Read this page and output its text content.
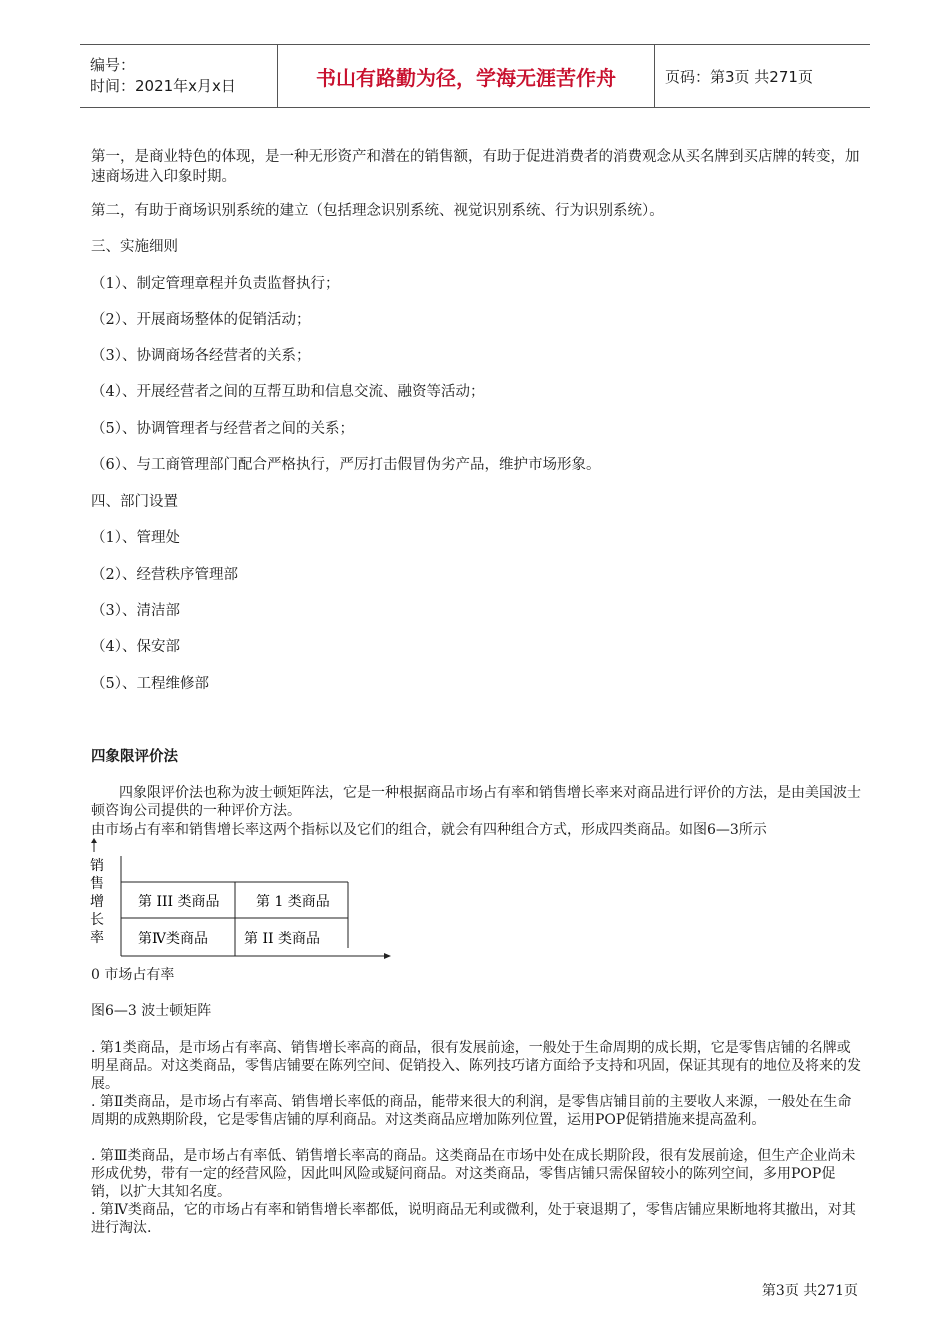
编号：
时间：2021年x月x日	书山有路勤为径，学海无涯苦作舟	页码：第3页 共271页
第一，是商业特色的体现，是一种无形资产和潜在的销售额，有助于促进消费者的消费观念从买名牌到买店牌的转变，加速商场进入印象时期。
第二，有助于商场识别系统的建立（包括理念识别系统、视觉识别系统、行为识别系统）。
三、实施细则
（1）、制定管理章程并负责监督执行；
（2）、开展商场整体的促销活动；
（3）、协调商场各经营者的关系；
（4）、开展经营者之间的互帮互助和信息交流、融资等活动；
（5）、协调管理者与经营者之间的关系；
（6）、与工商管理部门配合严格执行，严厉打击假冒伪劣产品，维护市场形象。
四、部门设置
（1）、管理处
（2）、经营秩序管理部
（3）、清洁部
（4）、保安部
（5）、工程维修部
四象限评价法
四象限评价法也称为波士顿矩阵法，它是一种根据商品市场占有率和销售增长率来对商品进行评价的方法，是由美国波士顿咨询公司提供的一种评价方法。
由市场占有率和销售增长率这两个指标以及它们的组合，就会有四种组合方式，形成四类商品。如图6—3所示
销
售
增
长
率
第 III 类商品	第 1 类商品
第Ⅳ类商品	第 II 类商品
0 市场占有率
图6—3 波士顿矩阵
. 第1类商品，是市场占有率高、销售增长率高的商品，很有发展前途，一般处于生命周期的成长期，它是零售店铺的名牌或明星商品。对这类商品，零售店铺要在陈列空间、促销投入、陈列技巧诸方面给予支持和巩固，保证其现有的地位及将来的发展。
. 第Ⅱ类商品，是市场占有率高、销售增长率低的商品，能带来很大的利润，是零售店铺目前的主要收人来源，一般处在生命周期的成熟期阶段，它是零售店铺的厚利商品。对这类商品应增加陈列位置，运用POP促销措施来提高盈利。
. 第Ⅲ类商品，是市场占有率低、销售增长率高的商品。这类商品在市场中处在成长期阶段，很有发展前途，但生产企业尚未形成优势，带有一定的经营风险，因此叫风险或疑问商品。对这类商品，零售店铺只需保留较小的陈列空间，多用POP促销，以扩大其知名度。
. 第Ⅳ类商品，它的市场占有率和销售增长率都低，说明商品无利或微利，处于衰退期了，零售店铺应果断地将其撤出，对其进行淘汰.
第3页 共271页
